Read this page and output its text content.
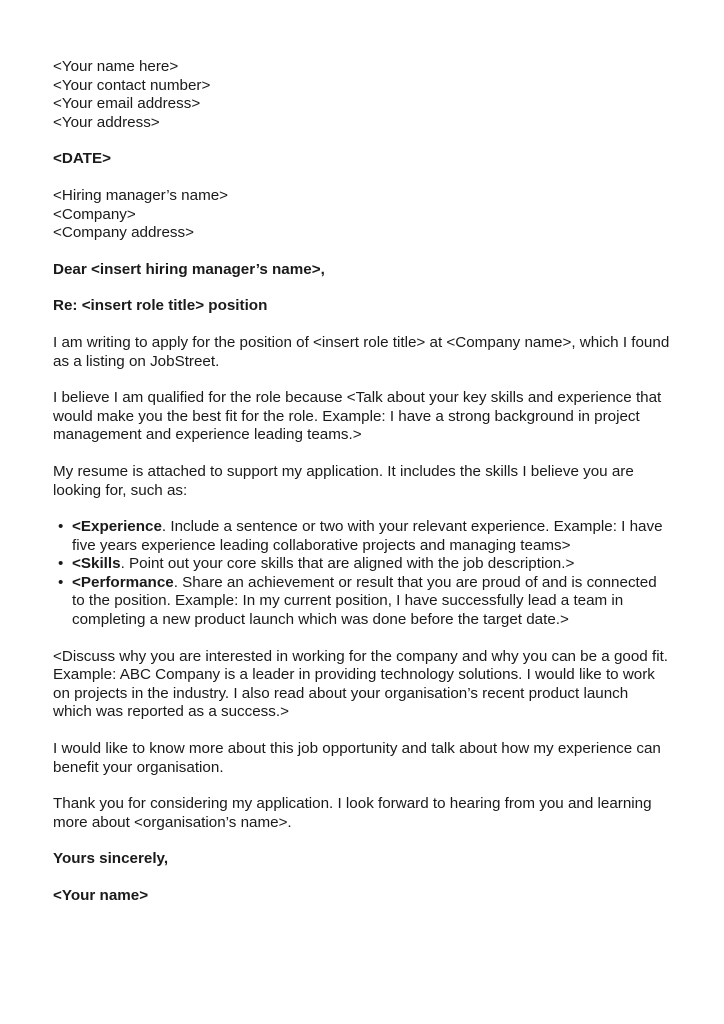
<Your name here>
<Your contact number>
<Your email address>
<Your address>
<DATE>
<Hiring manager’s name>
<Company>
<Company address>
Dear <insert hiring manager’s name>,
Re: <insert role title> position

I am writing to apply for the position of <insert role title> at <Company name>, which I found as a listing on JobStreet.

I believe I am qualified for the role because <Talk about your key skills and experience that would make you the best fit for the role. Example: I have a strong background in project management and experience leading teams.>

My resume is attached to support my application. It includes the skills I believe you are looking for, such as:

• <Experience. Include a sentence or two with your relevant experience. Example: I have five years experience leading collaborative projects and managing teams>
• <Skills. Point out your core skills that are aligned with the job description.>
• <Performance. Share an achievement or result that you are proud of and is connected to the position. Example: In my current position, I have successfully lead a team in completing a new product launch which was done before the target date.>

<Discuss why you are interested in working for the company and why you can be a good fit. Example: ABC Company is a leader in providing technology solutions. I would like to work on projects in the industry. I also read about your organisation’s recent product launch which was reported as a success.>

I would like to know more about this job opportunity and talk about how my experience can benefit your organisation.

Thank you for considering my application. I look forward to hearing from you and learning more about <organisation’s name>.

Yours sincerely,
<Your name>
